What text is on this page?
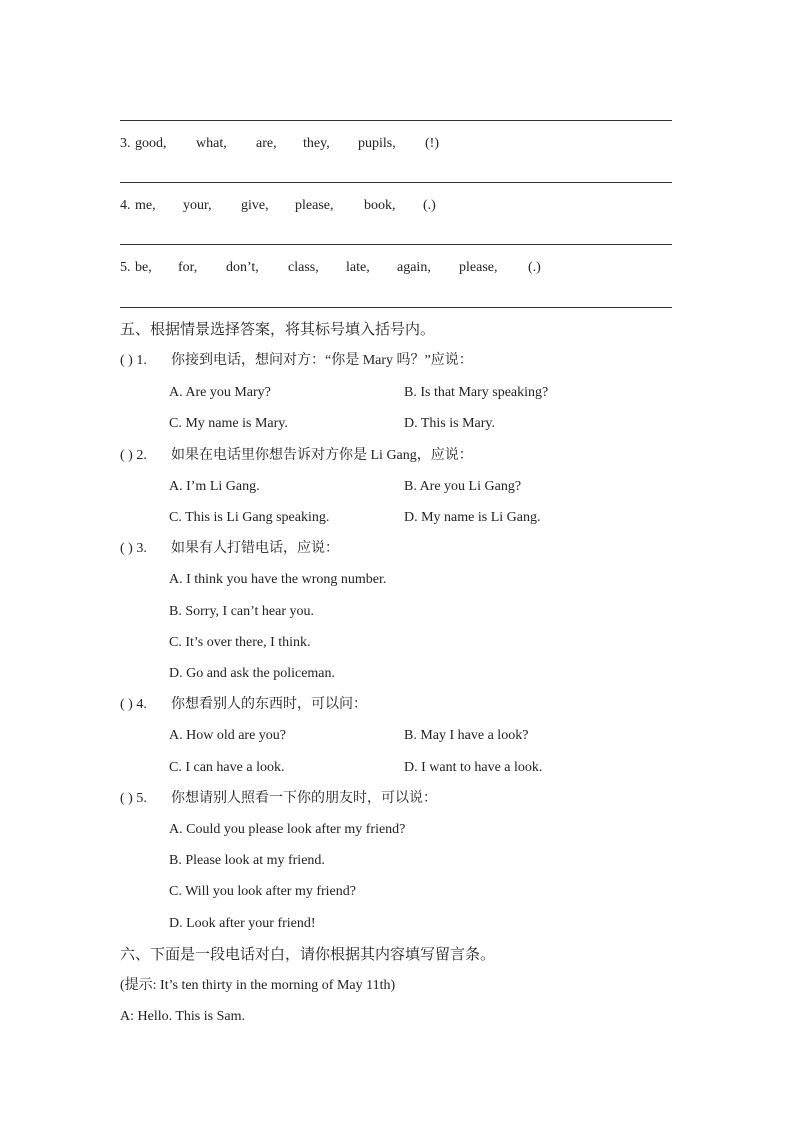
3. good, what, are, they, pupils, (!)
4. me, your, give, please, book, (.)
5. be, for, don’t, class, late, again, please, (.)
五、根据情景选择答案，将其标号填入括号内。
( ) 1. 你接到电话，想问对方：“你是 Mary 吗？”应说：
A. Are you Mary?	B. Is that Mary speaking?
C. My name is Mary.	D. This is Mary.
( ) 2. 如果在电话里你想告诉对方你是 Li Gang，应说：
A. I’m Li Gang.	B. Are you Li Gang?
C. This is Li Gang speaking.	D. My name is Li Gang.
( ) 3. 如果有人打错电话，应说：
A. I think you have the wrong number.
B. Sorry, I can’t hear you.
C. It’s over there, I think.
D. Go and ask the policeman.
( ) 4. 你想看别人的东西时，可以问：
A. How old are you?	B. May I have a look?
C. I can have a look.	D. I want to have a look.
( ) 5. 你想请别人照看一下你的朋友时，可以说：
A. Could you please look after my friend?
B. Please look at my friend.
C. Will you look after my friend?
D. Look after your friend!
六、下面是一段电话对白，请你根据其内容填写留言条。
(提示: It’s ten thirty in the morning of May 11th)
A: Hello. This is Sam.
